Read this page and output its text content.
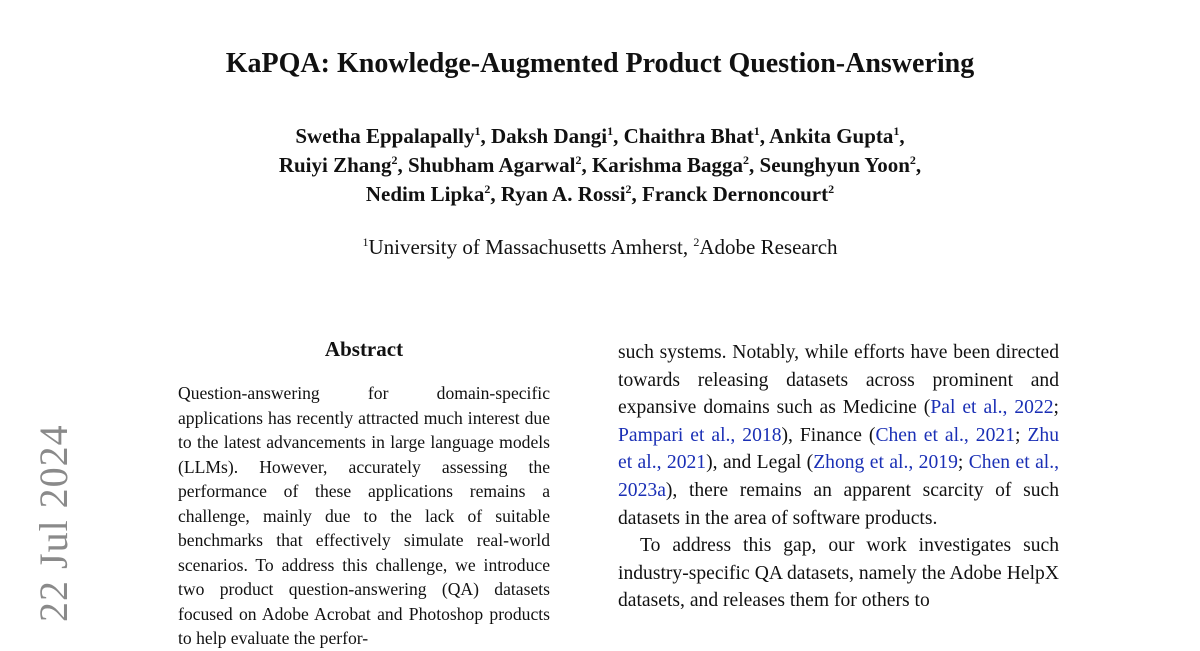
22 Jul 2024
KaPQA: Knowledge-Augmented Product Question-Answering
Swetha Eppalapally$^1$, Daksh Dangi$^1$, Chaithra Bhat$^1$, Ankita Gupta$^1$,
Ruiyi Zhang$^2$, Shubham Agarwal$^2$, Karishma Bagga$^2$, Seunghyun Yoon$^2$,
Nedim Lipka$^2$, Ryan A. Rossi$^2$, Franck Dernoncourt$^2$
$^1$University of Massachusetts Amherst, $^2$Adobe Research
Abstract
Question-answering for domain-specific applications has recently attracted much interest due to the latest advancements in large language models (LLMs). However, accurately assessing the performance of these applications remains a challenge, mainly due to the lack of suitable benchmarks that effectively simulate real-world scenarios. To address this challenge, we introduce two product question-answering (QA) datasets focused on Adobe Acrobat and Photoshop products to help evaluate the perfor-

such systems. Notably, while efforts have been directed towards releasing datasets across prominent and expansive domains such as Medicine (Pal et al., 2022; Pampari et al., 2018), Finance (Chen et al., 2021; Zhu et al., 2021), and Legal (Zhong et al., 2019; Chen et al., 2023a), there remains an apparent scarcity of such datasets in the area of software products.

To address this gap, our work investigates such industry-specific QA datasets, namely the Adobe HelpX datasets, and releases them for others to
